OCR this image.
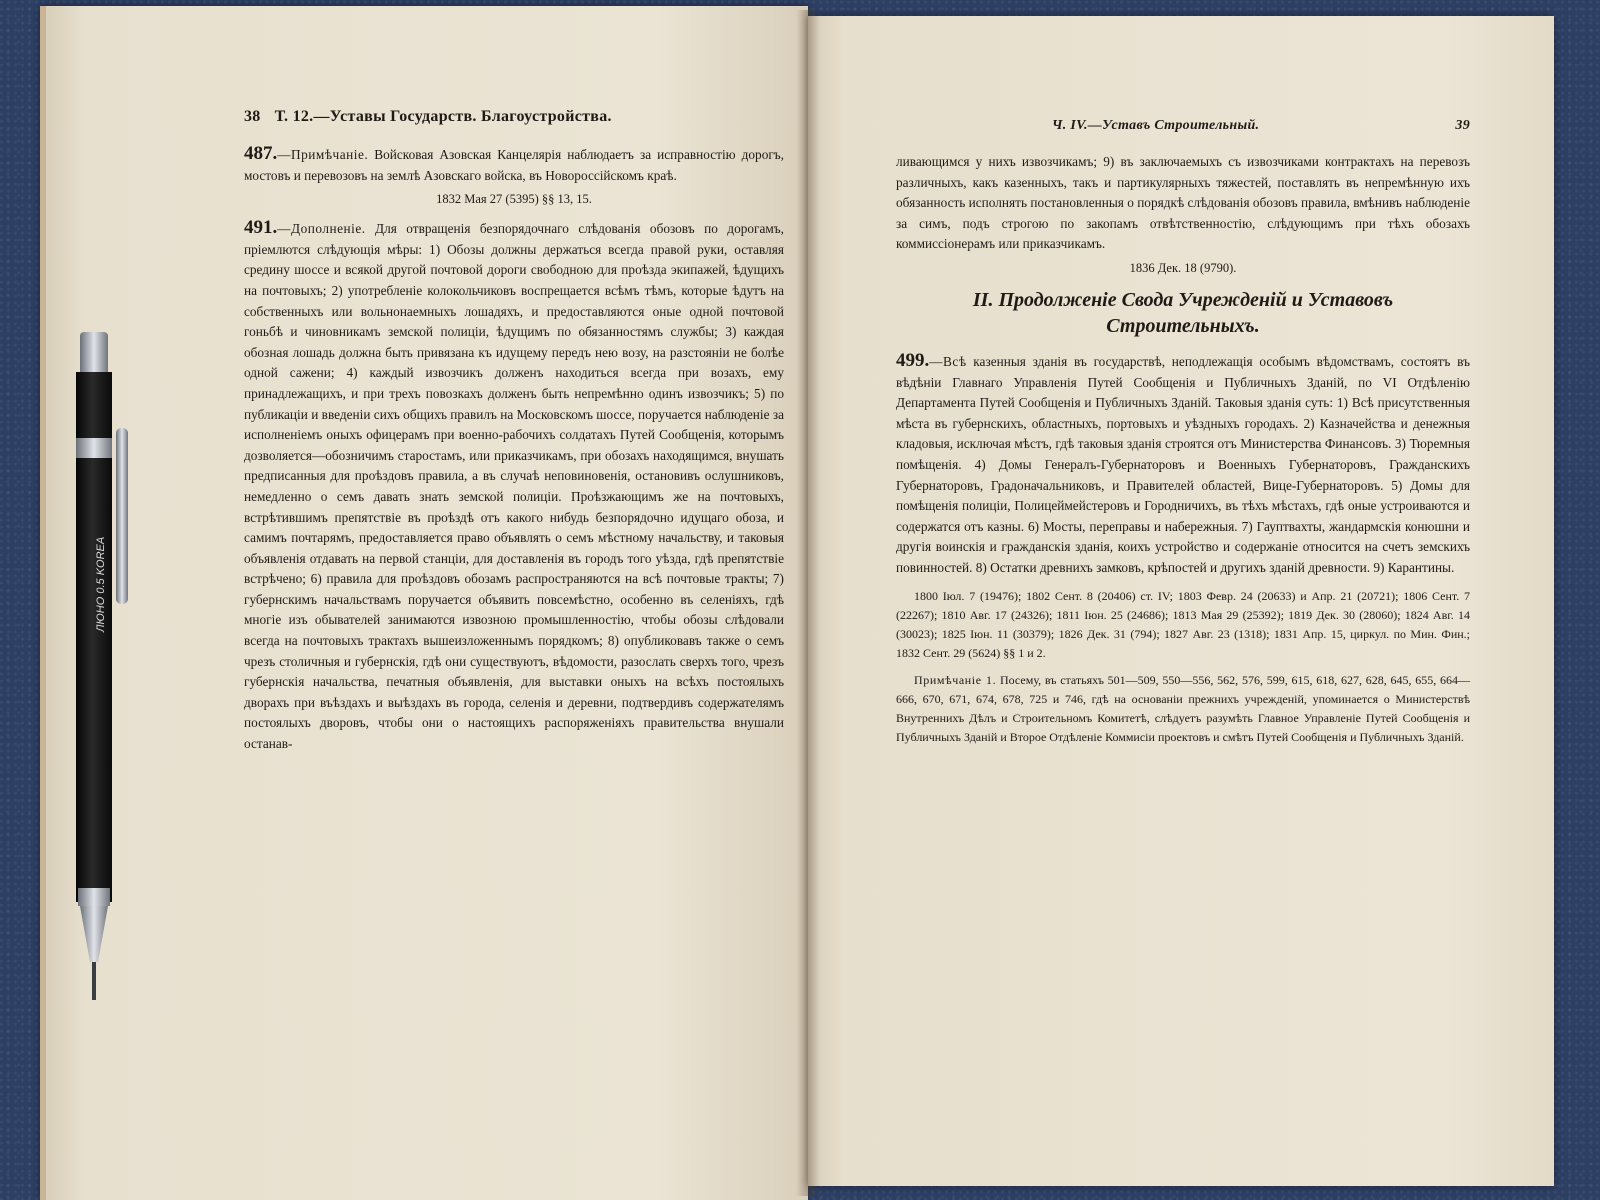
38 Т. 12.—Уставы Государств. Благоустройства.

487.—Примѣчаніе. Войсковая Азовская Канцелярія наблюдаетъ за исправностію дорогъ, мостовъ и перевозовъ на землѣ Азовскаго войска, въ Новороссійскомъ краѣ.

1832 Мая 27 (5395) §§ 13, 15.

491.—Дополненіе. Для отвращенія безпорядочнаго слѣдованія обозовъ по дорогамъ, пріемлются слѣдующія мѣры: 1) Обозы должны держаться всегда правой руки, оставляя средину шоссе и всякой другой почтовой дороги свободною для проѣзда экипажей, ѣдущихъ на почтовыхъ; 2) употребленіе колокольчиковъ воспрещается всѣмъ тѣмъ, которые ѣдутъ на собственныхъ или вольнонаемныхъ лошадяхъ, и предоставляются оные одной почтовой гоньбѣ и чиновникамъ земской полиціи, ѣдущимъ по обязанностямъ службы; 3) каждая обозная лошадь должна быть привязана къ идущему передъ нею возу, на разстояніи не болѣе одной сажени; 4) каждый извозчикъ долженъ находиться всегда при возахъ, ему принадлежащихъ, и при трехъ повозкахъ долженъ быть непремѣнно одинъ извозчикъ; 5) по публикаціи и введеніи сихъ общихъ правилъ на Московскомъ шоссе, поручается наблюденіе за исполненіемъ оныхъ офицерамъ при военно-рабочихъ солдатахъ Путей Сообщенія, которымъ дозволяется—обозничимъ старостамъ, или приказчикамъ, при обозахъ находящимся, внушать предписанныя для проѣздовъ правила, а въ случаѣ неповиновенія, остановивъ ослушниковъ, немедленно о семъ давать знать земской полиціи. Проѣзжающимъ же на почтовыхъ, встрѣтившимъ препятствіе въ проѣздѣ отъ какого нибудь безпорядочно идущаго обоза, и самимъ почтарямъ, предоставляется право объявлять о семъ мѣстному начальству, и таковыя объявленія отдавать на первой станціи, для доставленія въ городъ того уѣзда, гдѣ препятствіе встрѣчено; 6) правила для проѣздовъ обозамъ распространяются на всѣ почтовые тракты; 7) губернскимъ начальствамъ поручается объявить повсемѣстно, особенно въ селеніяхъ, гдѣ многіе изъ обывателей занимаются извозною промышленностію, чтобы обозы слѣдовали всегда на почтовыхъ трактахъ вышеизложеннымъ порядкомъ; 8) опубликовавъ также о семъ чрезъ столичныя и губернскія, гдѣ они существуютъ, вѣдомости, разослать сверхъ того, чрезъ губернскія начальства, печатныя объявленія, для выставки оныхъ на всѣхъ постоялыхъ дворахъ при въѣздахъ и выѣздахъ въ города, селенія и деревни, подтвердивъ содержателямъ постоялыхъ дворовъ, чтобы они о настоящихъ распоряженіяхъ правительства внушали останав-

Ч. IV.—Уставъ Строительный.	39

ливающимся у нихъ извозчикамъ; 9) въ заключаемыхъ съ извозчиками контрактахъ на перевозъ различныхъ, какъ казенныхъ, такъ и партикулярныхъ тяжестей, поставлять въ непремѣнную ихъ обязанность исполнять постановленныя о порядкѣ слѣдованія обозовъ правила, вмѣнивъ наблюденіе за симъ, подъ строгою по закопамъ отвѣтственностію, слѣдующимъ при тѣхъ обозахъ коммиссіонерамъ или приказчикамъ.

1836 Дек. 18 (9790).
II. Продолженіе Свода Учрежденій и Уставовъ Строительныхъ.

499.—Всѣ казенныя зданія въ государствѣ, неподлежащія особымъ вѣдомствамъ, состоятъ въ вѣдѣніи Главнаго Управленія Путей Сообщенія и Публичныхъ Зданій, по VI Отдѣленію Департамента Путей Сообщенія и Публичныхъ Зданій. Таковыя зданія суть: 1) Всѣ присутственныя мѣста въ губернскихъ, областныхъ, портовыхъ и уѣздныхъ городахъ. 2) Казначейства и денежныя кладовыя, исключая мѣстъ, гдѣ таковыя зданія строятся отъ Министерства Финансовъ. 3) Тюремныя помѣщенія. 4) Домы Генералъ-Губернаторовъ и Военныхъ Губернаторовъ, Гражданскихъ Губернаторовъ, Градоначальниковъ, и Правителей областей, Вице-Губернаторовъ. 5) Домы для помѣщенія полиціи, Полицеймейстеровъ и Городничихъ, въ тѣхъ мѣстахъ, гдѣ оные устроиваются и содержатся отъ казны. 6) Мосты, переправы и набережныя. 7) Гауптвахты, жандармскія конюшни и другія воинскія и гражданскія зданія, коихъ устройство и содержаніе относится на счетъ земскихъ повинностей. 8) Остатки древнихъ замковъ, крѣпостей и другихъ зданій древности. 9) Карантины.

1800 Іюл. 7 (19476); 1802 Сент. 8 (20406) ст. IV; 1803 Февр. 24 (20633) и Апр. 21 (20721); 1806 Сент. 7 (22267); 1810 Авг. 17 (24326); 1811 Іюн. 25 (24686); 1813 Мая 29 (25392); 1819 Дек. 30 (28060); 1824 Авг. 14 (30023); 1825 Іюн. 11 (30379); 1826 Дек. 31 (794); 1827 Авг. 23 (1318); 1831 Апр. 15, циркул. по Мин. Фин.; 1832 Сент. 29 (5624) §§ 1 и 2.

Примѣчаніе 1. Посему, въ статьяхъ 501—509, 550—556, 562, 576, 599, 615, 618, 627, 628, 645, 655, 664—666, 670, 671, 674, 678, 725 и 746, гдѣ на основаніи прежнихъ учрежденій, упоминается о Министерствѣ Внутреннихъ Дѣлъ и Строительномъ Комитетѣ, слѣдуетъ разумѣть Главное Управленіе Путей Сообщенія и Публичныхъ Зданій и Второе Отдѣленіе Коммисіи проектовъ и смѣтъ Путей Сообщенія и Публичныхъ Зданій.

ЛЮНО 0.5 KOREA
